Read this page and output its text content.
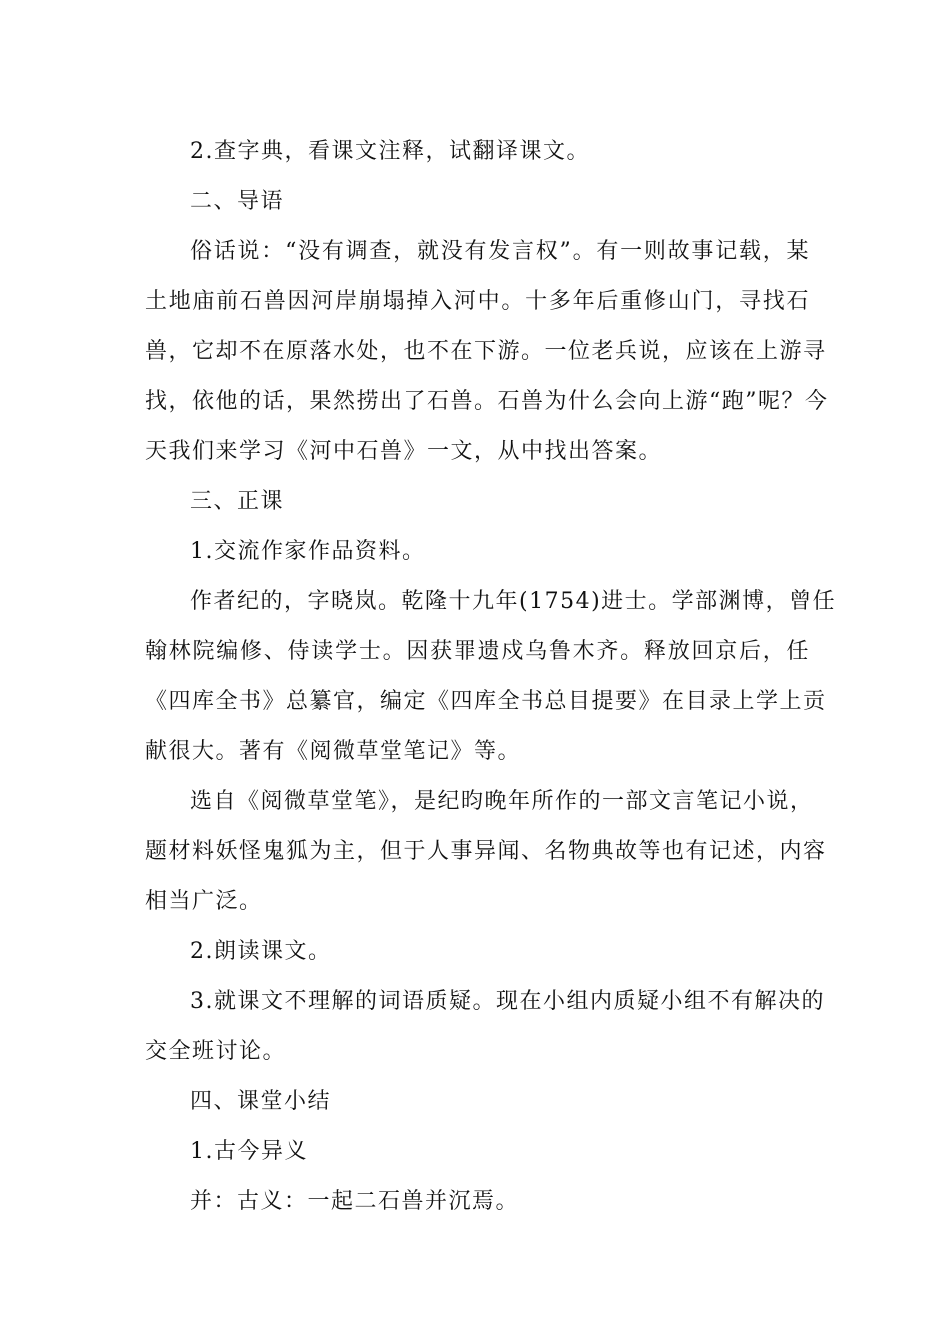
2.查字典，看课文注释，试翻译课文。
二、导语
俗话说：“没有调查，就没有发言权”。有一则故事记载，某
土地庙前石兽因河岸崩塌掉入河中。十多年后重修山门，寻找石
兽，它却不在原落水处，也不在下游。一位老兵说，应该在上游寻
找，依他的话，果然捞出了石兽。石兽为什么会向上游“跑”呢？今
天我们来学习《河中石兽》一文，从中找出答案。
三、正课
1.交流作家作品资料。
作者纪的，字晓岚。乾隆十九年(1754)进士。学部渊博，曾任
翰林院编修、侍读学士。因获罪遗戍乌鲁木齐。释放回京后，任
《四库全书》总纂官，编定《四库全书总目提要》在目录上学上贡
献很大。著有《阅微草堂笔记》等。
选自《阅微草堂笔》，是纪昀晚年所作的一部文言笔记小说，
题材料妖怪鬼狐为主，但于人事异闻、名物典故等也有记述，内容
相当广泛。
2.朗读课文。
3.就课文不理解的词语质疑。现在小组内质疑小组不有解决的
交全班讨论。
四、课堂小结
1.古今异义
并：古义：一起二石兽并沉焉。
